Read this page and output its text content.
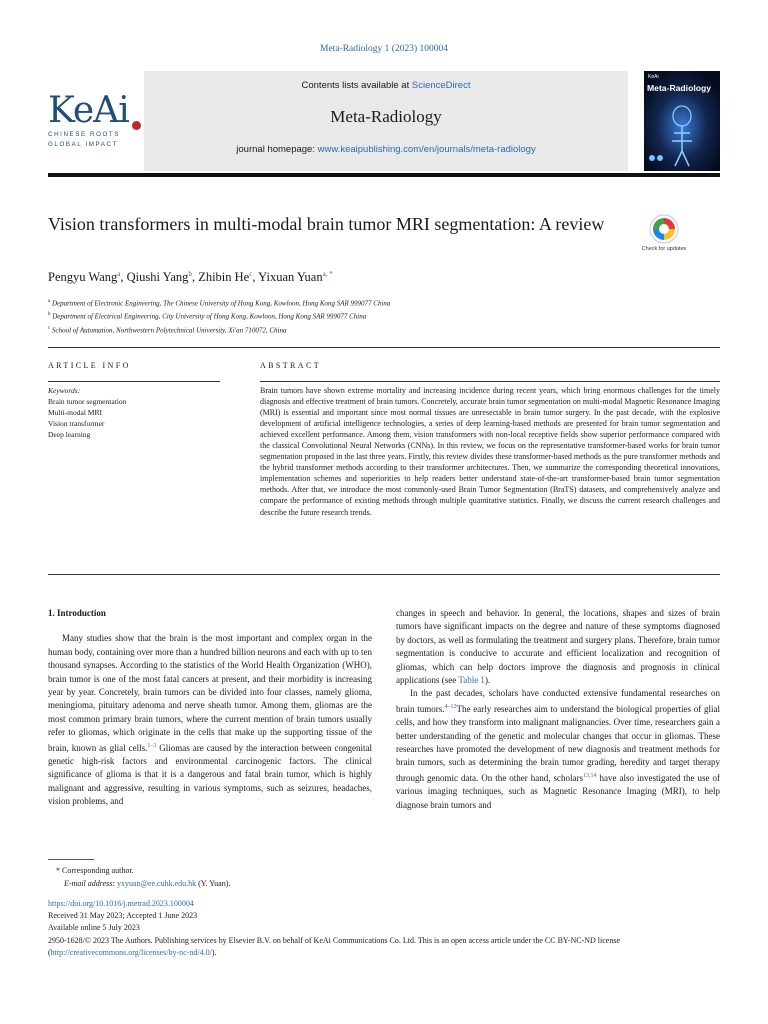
Meta-Radiology 1 (2023) 100004
KeAi
CHINESE ROOTS
GLOBAL IMPACT
Contents lists available at ScienceDirect
Meta-Radiology
journal homepage: www.keaipublishing.com/en/journals/meta-radiology
KeAi
Meta-Radiology
Vision transformers in multi-modal brain tumor MRI segmentation: A review
Check for updates
Pengyu Wang$^a$, Qiushi Yang$^b$, Zhibin He$^c$, Yixuan Yuan$^{a, *}$
$^a$ Department of Electronic Engineering, The Chinese University of Hong Kong, Kowloon, Hong Kong SAR 999077 China
$^b$ Department of Electrical Engineering, City University of Hong Kong, Kowloon, Hong Kong SAR 999077 China
$^c$ School of Automation, Northwestern Polytechnical University, Xi'an 710072, China
ARTICLE INFO	ABSTRACT
Keywords:
Brain tumor segmentation
Multi-modal MRI
Vision transformer
Deep learning
Brain tumors have shown extreme mortality and increasing incidence during recent years, which bring enormous challenges for the timely diagnosis and effective treatment of brain tumors. Concretely, accurate brain tumor segmentation on multi-modal Magnetic Resonance Imaging (MRI) is essential and important since most normal tissues are unresectable in brain tumor surgery. In the past decade, with the explosive development of artificial intelligence technologies, a series of deep learning-based methods are presented for brain tumor segmentation and achieved excellent performance. Among them, vision transformers with non-local receptive fields show superior performance compared with the classical Convolutional Neural Networks (CNNs). In this review, we focus on the representative transformer-based works for brain tumor segmentation proposed in the last three years. Firstly, this review divides these transformer-based methods as the pure transformer methods and the hybrid transformer methods according to their transformer architectures. Then, we summarize the corresponding theoretical innovations, implementation schemes and superiorities to help readers better understand state-of-the-art transformer-based brain tumor segmentation methods. After that, we introduce the most commonly-used Brain Tumor Segmentation (BraTS) datasets, and comprehensively analyze and compare the performance of existing methods through multiple quantitative statistics. Finally, we discuss the current research challenges and describe the future research trends.
1. Introduction

Many studies show that the brain is the most important and complex organ in the human body, containing over more than a hundred billion neurons and each with up to ten thousand synapses. According to the statistics of the World Health Organization (WHO), brain tumor is one of the most fatal cancers at present, and their morbidity is increasing year by year. Concretely, brain tumors can be divided into four classes, namely glioma, meningioma, pituitary adenoma and nerve sheath tumor. Among them, gliomas are the most common primary brain tumors, where the current mention of brain tumors usually refer to gliomas, which originate in the cells that make up the supporting tissue of the brain, known as glial cells.$^{1-3}$ Gliomas are caused by the interaction between congenital genetic high-risk factors and environmental carcinogenic factors. The clinical significance of glioma is that it is a dangerous and fatal brain tumor, which is highly malignant and aggressive, resulting in various symptoms, such as seizures, headaches, vision problems, and

changes in speech and behavior. In general, the locations, shapes and sizes of brain tumors have significant impacts on the degree and nature of these symptoms diagnosed by doctors, as well as formulating the treatment and surgery plans. Therefore, brain tumor segmentation is conducive to accurate and efficient localization and recognition of gliomas, which can help doctors improve the diagnosis and prognosis in clinical applications (see Table 1).

In the past decades, scholars have conducted extensive fundamental researches on brain tumors.$^{4-12}$The early researches aim to understand the biological properties of glial cells, and how they transform into malignant malignancies. Over time, researchers gain a better understanding of the genetic and molecular changes that occur in gliomas. These researches have promoted the development of new diagnosis and treatment methods for brain tumors, such as determining the brain tumor grading, heredity and target therapy through genomic data. On the other hand, scholars$^{13,14}$ have also investigated the use of various imaging techniques, such as Magnetic Resonance Imaging (MRI), to help diagnose brain tumors and

* Corresponding author.
E-mail address: yxyuan@ee.cuhk.edu.hk (Y. Yuan).
https://doi.org/10.1016/j.metrad.2023.100004
Received 31 May 2023; Accepted 1 June 2023
Available online 5 July 2023
2950-1628/© 2023 The Authors. Publishing services by Elsevier B.V. on behalf of KeAi Communications Co. Ltd. This is an open access article under the CC BY-NC-ND license (http://creativecommons.org/licenses/by-nc-nd/4.0/).
